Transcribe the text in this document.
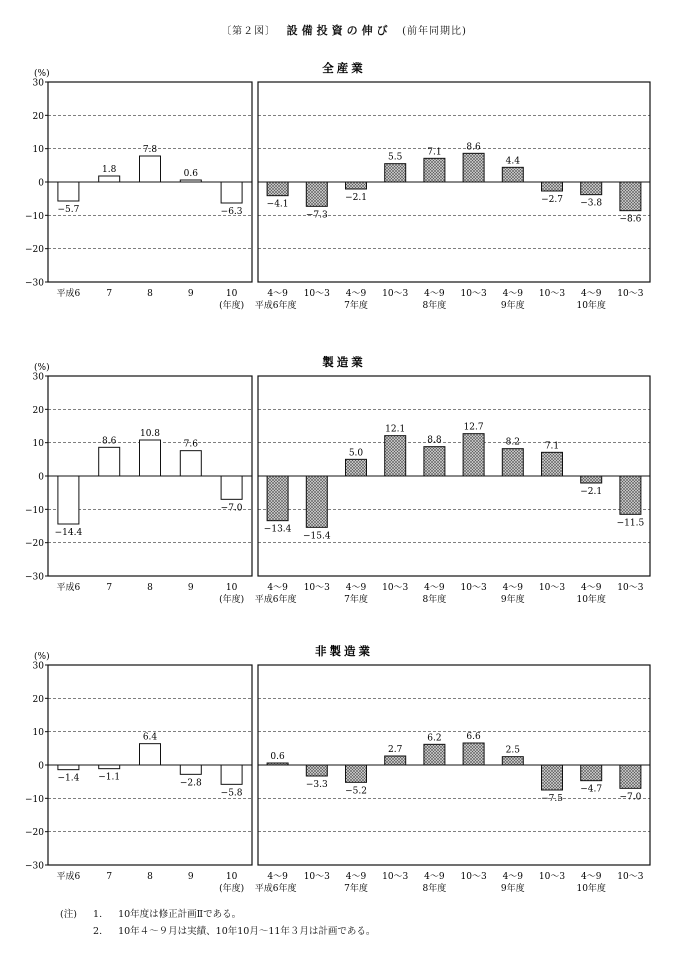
〔第２図〕 設備投資の伸び (前年同期比)
全産業
(%)
30
20
10
0
−10
−20
−30
−5.7
平成6
1.8
7
7.8
8
0.6
9
−6.3
10
−4.1
4～9
−7.3
10～3
−2.1
4～9
5.5
10～3
7.1
4～9
8.6
10～3
4.4
4～9
−2.7
10～3
−3.8
4～9
−8.6
10～3
(年度) 平成6年度	7年度	8年度	9年度	10年度
製造業
(%)
30
20
10
0
−10
−20
−30
−14.4
平成6
8.6
7
10.8
8
7.6
9
−7.0
10
−13.4
4～9
−15.4
10～3
5.0
4～9
12.1
10～3
8.8
4～9
12.7
10～3
8.2
4～9
7.1
10～3
−2.1
4～9
−11.5
10～3
(年度) 平成6年度	7年度	8年度	9年度	10年度
非製造業
(%)
30
20
10
0
−10
−20
−30
−1.4
平成6
−1.1
7
6.4
8
−2.8
9
−5.8
10
0.6
4～9
−3.3
10～3
−5.2
4～9
2.7
10～3
6.2
4～9
6.6
10～3
2.5
4～9
−7.5
10～3
−4.7
4～9
−7.0
10～3
(年度) 平成6年度	7年度	8年度	9年度	10年度
(注) 1. 10年度は修正計画Ⅱである。
2. 10年４～９月は実績、10年10月～11年３月は計画である。
